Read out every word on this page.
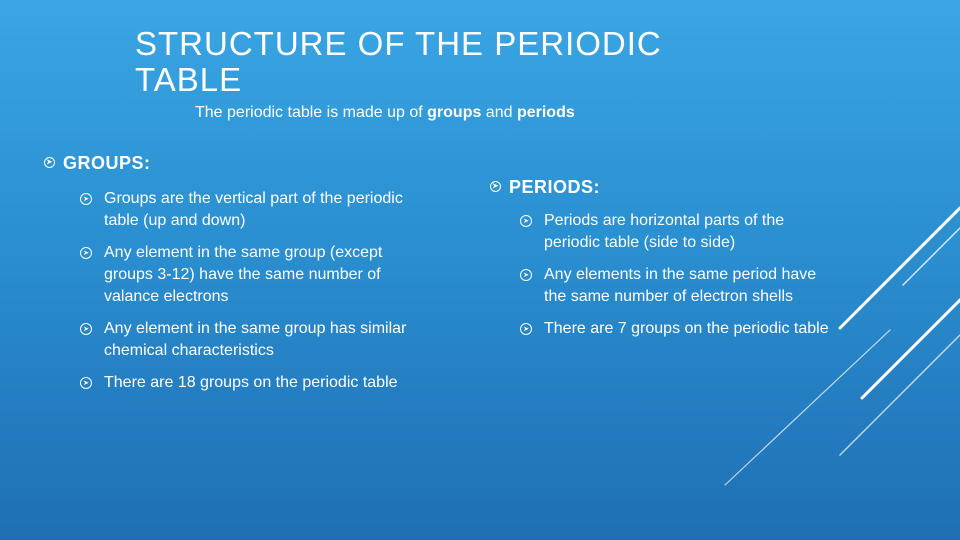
STRUCTURE OF THE PERIODIC TABLE
The periodic table is made up of groups and periods
➤ GROUPS:
➤ Groups are the vertical part of the periodic table (up and down)
➤ Any element in the same group (except groups 3-12) have the same number of valance electrons
➤ Any element in the same group has similar chemical characteristics
➤ There are 18 groups on the periodic table
➤ PERIODS:
➤ Periods are horizontal parts of the periodic table (side to side)
➤ Any elements in the same period have the same number of electron shells
➤ There are 7 groups on the periodic table
